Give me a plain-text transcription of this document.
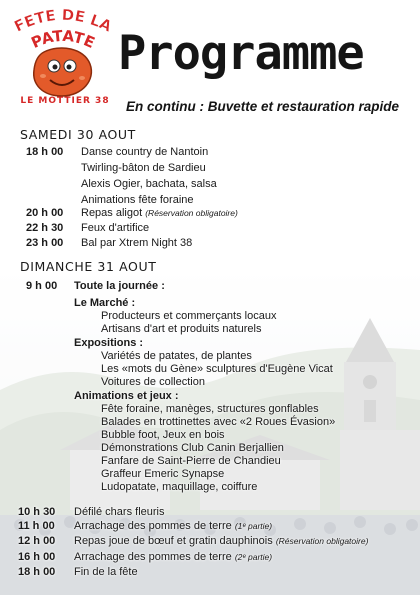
FETE DE LA
PATATE
LE MOTTIER 38
Programme
En continu : Buvette et restauration rapide
SAMEDI 30 AOUT
18 h 00 Danse country de Nantoin
Twirling-bâton de Sardieu
Alexis Ogier, bachata, salsa
Animations fête foraine
20 h 00 Repas aligot (Réservation obligatoire)
22 h 30 Feux d'artifice
23 h 00 Bal par Xtrem Night 38
DIMANCHE 31 AOUT
9 h 00 Toute la journée :
Le Marché :
Producteurs et commerçants locaux
Artisans d'art et produits naturels
Expositions :
Variétés de patates, de plantes
Les «mots du Gène» sculptures d'Eugène Vicat
Voitures de collection
Animations et jeux :
Fête foraine, manèges, structures gonflables
Balades en trottinettes avec «2 Roues Évasion»
Bubble foot, Jeux en bois
Démonstrations Club Canin Berjallien
Fanfare de Saint-Pierre de Chandieu
Graffeur Emeric Synapse
Ludopatate, maquillage, coiffure
10 h 30 Défilé chars fleuris
11 h 00 Arrachage des pommes de terre (1ᵉ partie)
12 h 00 Repas joue de bœuf et gratin dauphinois (Réservation obligatoire)
16 h 00 Arrachage des pommes de terre (2ᵉ partie)
18 h 00 Fin de la fête
